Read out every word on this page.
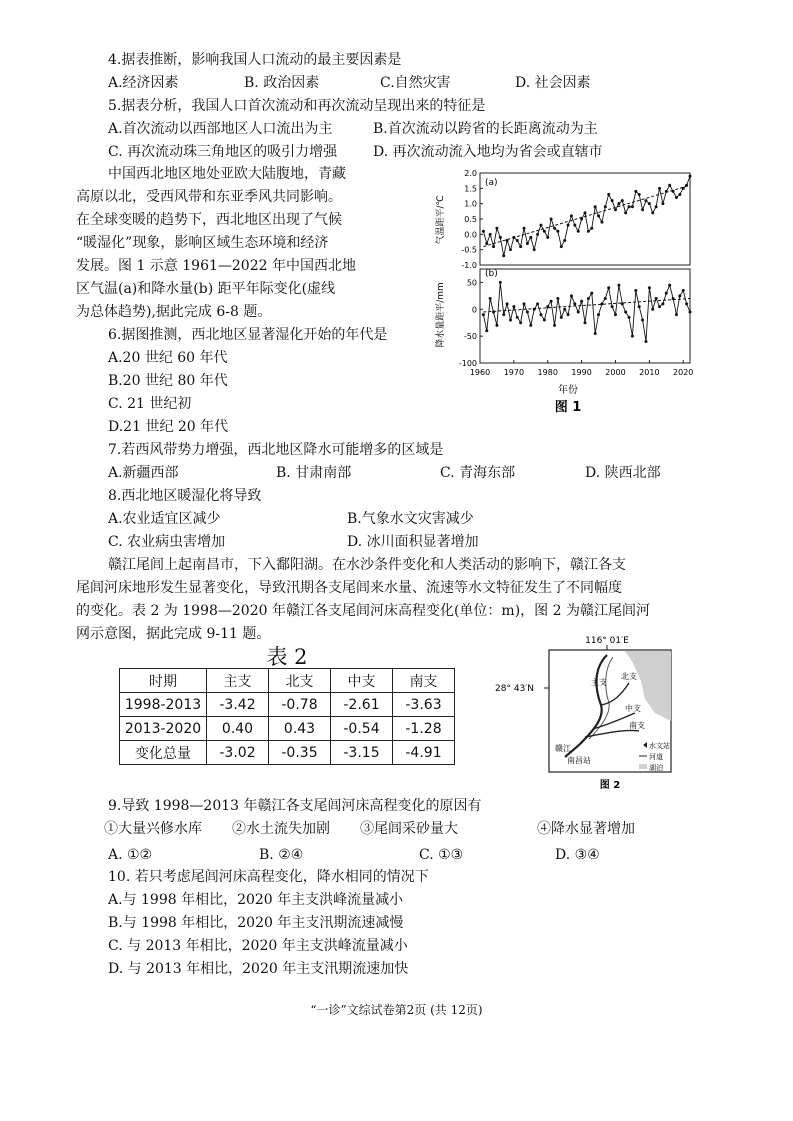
4.据表推断，影响我国人口流动的最主要因素是
A.经济因素	B. 政治因素	C.自然灾害	D. 社会因素
5.据表分析，我国人口首次流动和再次流动呈现出来的特征是
A.首次流动以西部地区人口流出为主	B.首次流动以跨省的长距离流动为主
C. 再次流动珠三角地区的吸引力增强	D. 再次流动流入地均为省会或直辖市
中国西北地区地处亚欧大陆腹地，青藏
高原以北，受西风带和东亚季风共同影响。
在全球变暖的趋势下，西北地区出现了气候
“暖湿化”现象，影响区域生态环境和经济
发展。图 1 示意 1961—2022 年中国西北地
区气温(a)和降水量(b) 距平年际变化(虚线
为总体趋势),据此完成 6-8 题。
6.据图推测，西北地区显著湿化开始的年代是
A.20 世纪 60 年代
B.20 世纪 80 年代
C. 21 世纪初
D.21 世纪 20 年代
2.0
1.5
1.0
0.5
0.0
-0.5
-1.0
50
0
-50
-100
1960 1970 1980 1990 2000 2010 2020
年份
图 1
(a)
(b)
气温距平/℃
降水量距平/mm
7.若西风带势力增强，西北地区降水可能增多的区域是
A.新疆西部	B. 甘肃南部	C. 青海东部	D. 陕西北部
8.西北地区暖湿化将导致
A.农业适宜区减少	B.气象水文灾害减少
C. 农业病虫害增加	D. 冰川面积显著增加
赣江尾闾上起南昌市，下入鄱阳湖。在水沙条件变化和人类活动的影响下，赣江各支
尾闾河床地形发生显著变化，导致汛期各支尾闾来水量、流速等水文特征发生了不同幅度
的变化。表 2 为 1998—2020 年赣江各支尾闾河床高程变化(单位：m)，图 2 为赣江尾闾河
网示意图，据此完成 9-11 题。
表 2
时期	主支	北支	中支	南支
1998-2013	-3.42	-0.78	-2.61	-3.63
2013-2020	0.40	0.43	-0.54	-1.28
变化总量	-3.02	-0.35	-3.15	-4.91
116° 01′E
28° 43′N
主支
北支
中支
南支
南昌站
赣江	水文站
河道
湖泊
图 2
9.导致 1998—2013 年赣江各支尾闾河床高程变化的原因有
①大量兴修水库 ②水土流失加剧 ③尾闾采砂量大	④降水显著增加
A. ①②	B. ②④	C. ①③	D. ③④
10. 若只考虑尾闾河床高程变化，降水相同的情况下
A.与 1998 年相比，2020 年主支洪峰流量减小
B.与 1998 年相比，2020 年主支汛期流速减慢
C. 与 2013 年相比，2020 年主支洪峰流量减小
D. 与 2013 年相比，2020 年主支汛期流速加快
“一诊”文综试卷第2页 (共 12页)
